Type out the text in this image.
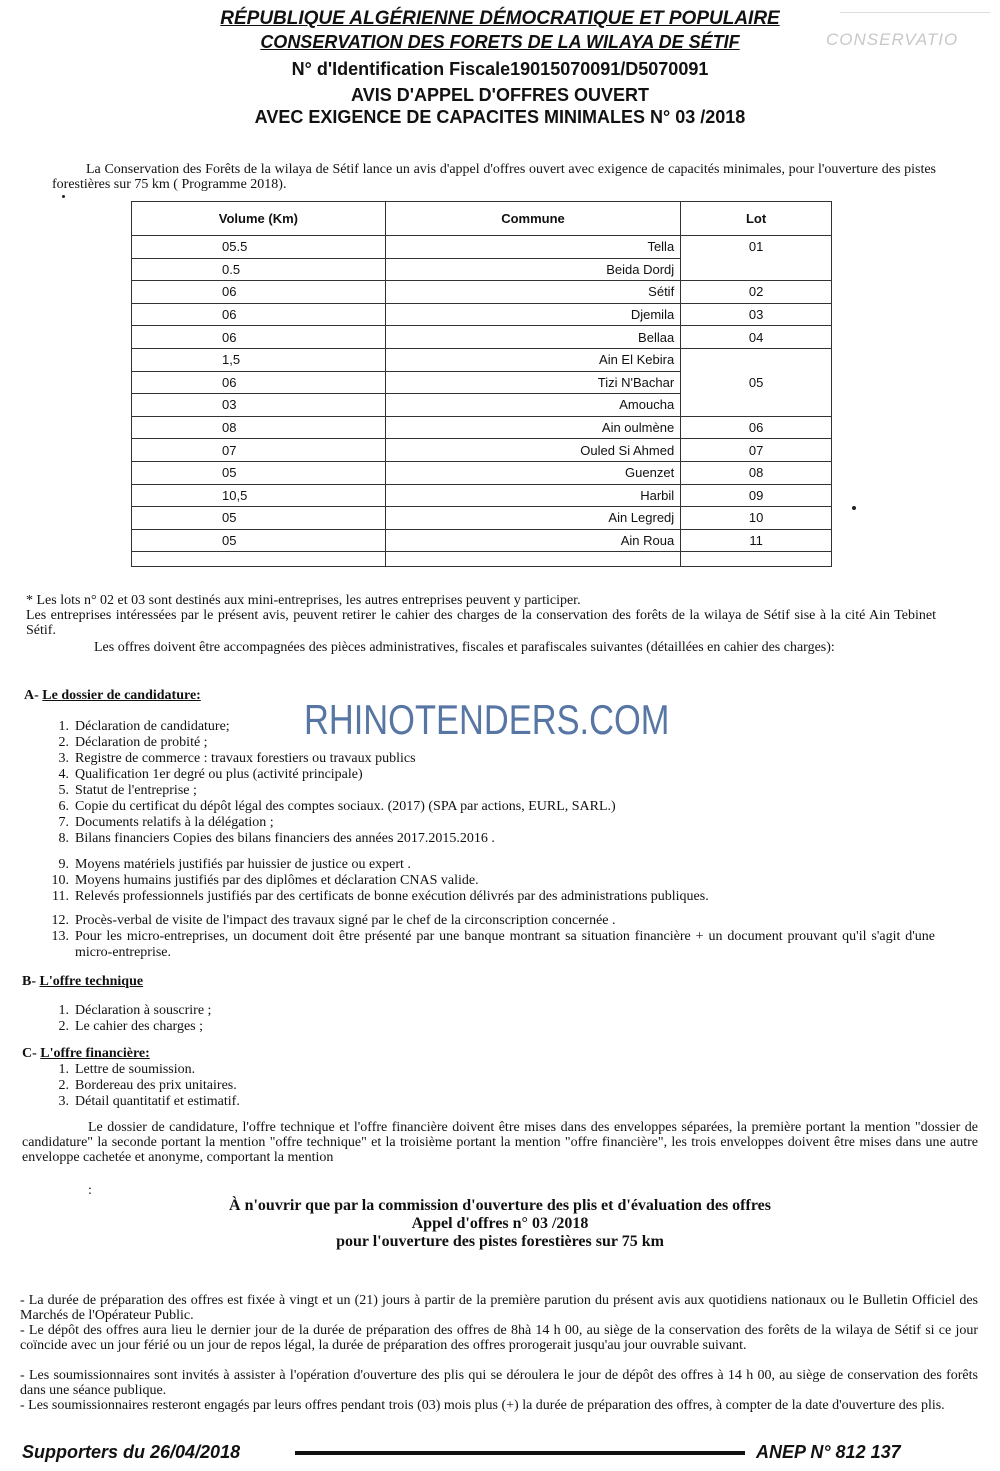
RÉPUBLIQUE ALGÉRIENNE DÉMOCRATIQUE ET POPULAIRE
CONSERVATION DES FORETS DE LA WILAYA DE SÉTIF
N° d'Identification Fiscale19015070091/D5070091
AVIS D'APPEL D'OFFRES OUVERT
AVEC EXIGENCE DE CAPACITES MINIMALES N° 03 /2018
CONSERVATIO

La Conservation des Forêts de la wilaya de Sétif lance un avis d'appel d'offres ouvert avec exigence de capacités minimales, pour l'ouverture des pistes forestières sur 75 km ( Programme 2018).

Volume (Km)	Commune	Lot
05.5	Tella	01
0.5	Beida Dordj	
06	Sétif	02
06	Djemila	03
06	Bellaa	04
1,5	Ain El Kebira	05
06	Tizi N'Bachar	
03	Amoucha	
08	Ain oulmène	06
07	Ouled Si Ahmed	07
05	Guenzet	08
10,5	Harbil	09
05	Ain Legredj	10
05	Ain Roua	11

* Les lots n° 02 et 03 sont destinés aux mini-entreprises, les autres entreprises peuvent y participer.

Les entreprises intéressées par le présent avis, peuvent retirer le cahier des charges de la conservation des forêts de la wilaya de Sétif sise à la cité Ain Tebinet Sétif.

Les offres doivent être accompagnées des pièces administratives, fiscales et parafiscales suivantes (détaillées en cahier des charges):

A- Le dossier de candidature:
1. Déclaration de candidature;
2. Déclaration de probité ;
3. Registre de commerce : travaux forestiers ou travaux publics
4. Qualification 1er degré ou plus (activité principale)
5. Statut de l'entreprise ;
6. Copie du certificat du dépôt légal des comptes sociaux. (2017) (SPA par actions, EURL, SARL.)
7. Documents relatifs à la délégation ;
8. Bilans financiers Copies des bilans financiers des années 2017.2015.2016 .
9. Moyens matériels justifiés par huissier de justice ou expert .
10. Moyens humains justifiés par des diplômes et déclaration CNAS valide.
11. Relevés professionnels justifiés par des certificats de bonne exécution délivrés par des administrations publiques.
12. Procès-verbal de visite de l'impact des travaux signé par le chef de la circonscription concernée .
13. Pour les micro-entreprises, un document doit être présenté par une banque montrant sa situation financière + un document prouvant qu'il s'agit d'une micro-entreprise.
B- L'offre technique
1. Déclaration à souscrire ;
2. Le cahier des charges ;
C- L'offre financière:
1. Lettre de soumission.
2. Bordereau des prix unitaires.
3. Détail quantitatif et estimatif.

Le dossier de candidature, l'offre technique et l'offre financière doivent être mises dans des enveloppes séparées, la première portant la mention "dossier de candidature" la seconde portant la mention "offre technique" et la troisième portant la mention "offre financière", les trois enveloppes doivent être mises dans une autre enveloppe cachetée et anonyme, comportant la mention

:
À n'ouvrir que par la commission d'ouverture des plis et d'évaluation des offres
Appel d'offres n° 03 /2018
pour l'ouverture des pistes forestières sur 75 km

- La durée de préparation des offres est fixée à vingt et un (21) jours à partir de la première parution du présent avis aux quotidiens nationaux ou le Bulletin Officiel des Marchés de l'Opérateur Public.

- Le dépôt des offres aura lieu le dernier jour de la durée de préparation des offres de 8hà 14 h 00, au siège de la conservation des forêts de la wilaya de Sétif si ce jour coïncide avec un jour férié ou un jour de repos légal, la durée de préparation des offres prorogerait jusqu'au jour ouvrable suivant.

- Les soumissionnaires sont invités à assister à l'opération d'ouverture des plis qui se déroulera le jour de dépôt des offres à 14 h 00, au siège de conservation des forêts dans une séance publique.

- Les soumissionnaires resteront engagés par leurs offres pendant trois (03) mois plus (+) la durée de préparation des offres, à compter de la date d'ouverture des plis.

RHINOTENDERS.COM
Supporters du 26/04/2018	ANEP N° 812 137
